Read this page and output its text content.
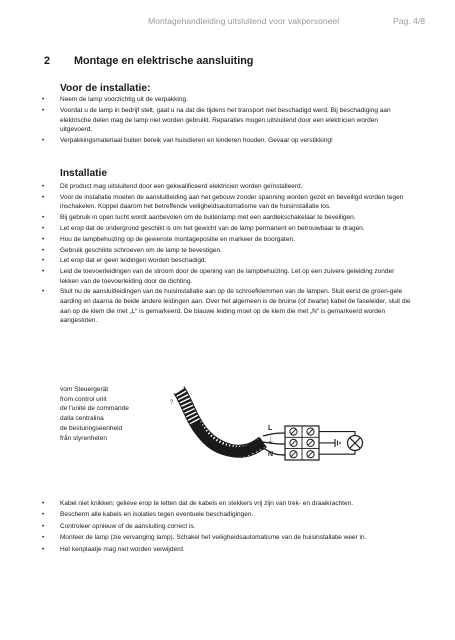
Montagehandleiding uitsluitend voor vakpersoneel	Pag. 4/8
2 Montage en elektrische aansluiting
Voor de installatie:
• Neem de lamp voorzichtig uit de verpakking.
• Voordat u de lamp in bedrijf stelt, gaat u na dat die tijdens het transport niet beschadigd werd. Bij beschadiging aan elektrische delen mag de lamp niet worden gebruikt. Reparaties mogen uitsluitend door een elektricien worden uitgevoerd.
• Verpakkingsmateriaal buiten bereik van huisdieren en kinderen houden. Gevaar op verstikking!
Installatie
• Dit product mag uitsluitend door een gekwalificeerd elektricien worden geïnstalleerd.
• Voor de installatie moeten de aansluitleiding aan het gebouw zonder spanning worden gezet en beveiligd worden tegen inschakelen. Koppel daarom het betreffende veiligheidsautomatisme van de huisinstallatie los.
• Bij gebruik in open lucht wordt aanbevolen om de buitenlamp met een aardlekschakelaar te beveiligen.
• Let erop dat de ondergrond geschikt is om het gewicht van de lamp permanent en betrouwbaar te dragen.
• Hou de lampbehuizing op de gewenste montagepositie en markeer de boorgaten.
• Gebruik geschikte schroeven om de lamp te bevestigen.
• Let erop dat er geen leidingen worden beschadigd.
• Leid de toevoerleidingen van de stroom door de opening van de lampbehuizing. Let op een zuivere geleiding zonder lekken van de toevoerleiding door de dichting.
• Sluit nu de aansluitleidingen van de huisinstallatie aan op de schroefklemmen van de lampen. Sluit eerst de groen-gele aarding en daarna de beide andere leidingen aan. Over het algemeen is de bruine (of zwarte) kabel de faseleider, sluit die aan op de klem die met „L“ is gemarkeerd. De blauwe leiding moet op de klem die met „N“ is gemarkeerd worden aangesloten.
vom Steuergerät
from control unit
de l'unité de commande
dalla centralina
de besturingseenheid
från styrenheten
?
L
⏚
N
• Kabel niet knikken; gelieve erop te letten dat de kabels en stekkers vrij zijn van trek- en draaikrachten.
• Bescherm alle kabels en isolaties tegen eventuele beschadigingen.
• Controleer opnieuw of de aansluiting correct is.
• Monteer de lamp (zie vervanging lamp). Schakel het veiligheidsautomatisme van de huisinstallatie weer in.
• Het kenplaatje mag niet worden verwijderd.
